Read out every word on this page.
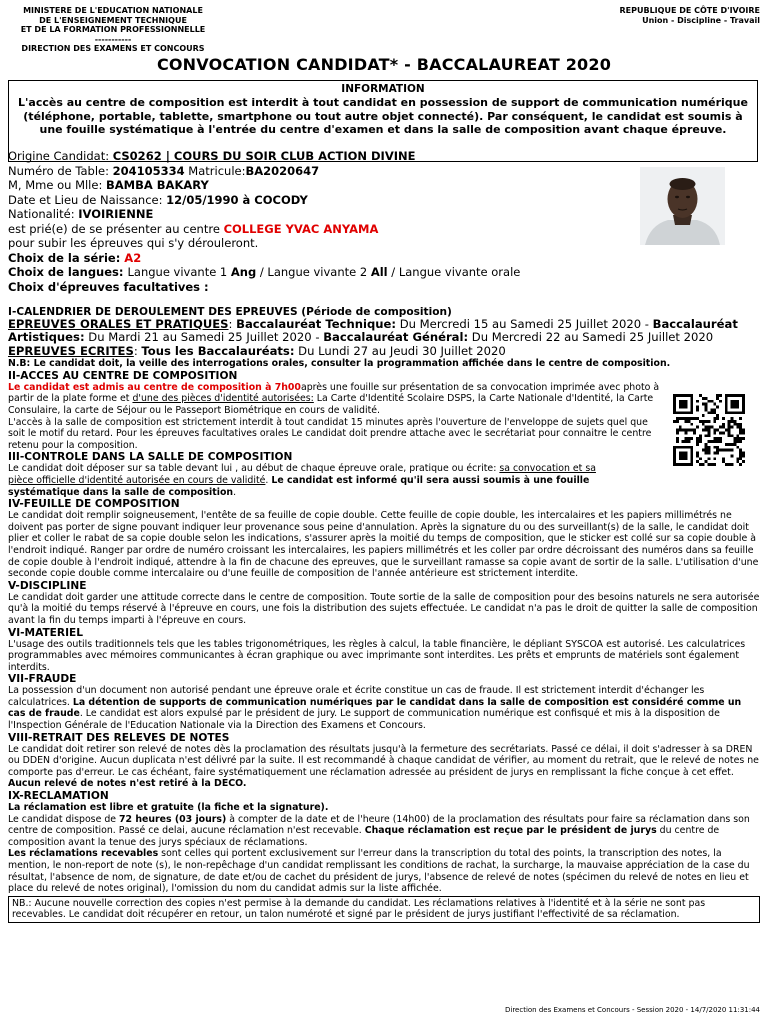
MINISTERE DE L'EDUCATION NATIONALE
DE L'ENSEIGNEMENT TECHNIQUE
ET DE LA FORMATION PROFESSIONNELLE
-----------
DIRECTION DES EXAMENS ET CONCOURS
REPUBLIQUE DE CÔTE D'IVOIRE
Union - Discipline - Travail
CONVOCATION CANDIDAT* - BACCALAUREAT 2020
INFORMATION
L'accès au centre de composition est interdit à tout candidat en possession de support de communication numérique (téléphone, portable, tablette, smartphone ou tout autre objet connecté). Par conséquent, le candidat est soumis à une fouille systématique à l'entrée du centre d'examen et dans la salle de composition avant chaque épreuve.
Origine Candidat: CS0262 | COURS DU SOIR CLUB ACTION DIVINE
Numéro de Table: 204105334 Matricule:BA2020647
M, Mme ou Mlle: BAMBA BAKARY
Date et Lieu de Naissance: 12/05/1990 à COCODY
Nationalité: IVOIRIENNE
est prié(e) de se présenter au centre COLLEGE YVAC ANYAMA
pour subir les épreuves qui s'y dérouleront.
Choix de la série: A2
Choix de langues: Langue vivante 1 Ang / Langue vivante 2 All / Langue vivante orale
Choix d'épreuves facultatives :
I-CALENDRIER DE DEROULEMENT DES EPREUVES (Période de composition)
EPREUVES ORALES ET PRATIQUES: Baccalauréat Technique: Du Mercredi 15 au Samedi 25 Juillet 2020 - Baccalauréat Artistiques: Du Mardi 21 au Samedi 25 Juillet 2020 - Baccalauréat Général: Du Mercredi 22 au Samedi 25 Juillet 2020
EPREUVES ECRITES: Tous les Baccalauréats: Du Lundi 27 au Jeudi 30 Juillet 2020
N.B: Le candidat doit, la veille des interrogations orales, consulter la programmation affichée dans le centre de composition.
II-ACCES AU CENTRE DE COMPOSITION

Le candidat est admis au centre de composition à 7h00après une fouille sur présentation de sa convocation imprimée avec photo à partir de la plate forme et d'une des pièces d'identité autorisées: La Carte d'Identité Scolaire DSPS, la Carte Nationale d'Identité, la Carte Consulaire, la carte de Séjour ou le Passeport Biométrique en cours de validité.
L'accès à la salle de composition est strictement interdit à tout candidat 15 minutes après l'ouverture de l'enveloppe de sujets quel que soit le motif du retard. Pour les épreuves facultatives orales Le candidat doit prendre attache avec le secrétariat pour connaitre le centre retenu pour la composition.

III-CONTROLE DANS LA SALLE DE COMPOSITION

Le candidat doit déposer sur sa table devant lui , au début de chaque épreuve orale, pratique ou écrite: sa convocation et sa pièce officielle d'identité autorisée en cours de validité. Le candidat est informé qu'il sera aussi soumis à une fouille systématique dans la salle de composition.

IV-FEUILLE DE COMPOSITION

Le candidat doit remplir soigneusement, l'entête de sa feuille de copie double. Cette feuille de copie double, les intercalaires et les papiers millimétrés ne doivent pas porter de signe pouvant indiquer leur provenance sous peine d'annulation. Après la signature du ou des surveillant(s) de la salle, le candidat doit plier et coller le rabat de sa copie double selon les indications, s'assurer après la moitié du temps de composition, que le sticker est collé sur sa copie double à l'endroit indiqué. Ranger par ordre de numéro croissant les intercalaires, les papiers millimétrés et les coller par ordre décroissant des numéros dans sa feuille de copie double à l'endroit indiqué, attendre à la fin de chacune des epreuves, que le surveillant ramasse sa copie avant de sortir de la salle. L'utilisation d'une seconde copie double comme intercalaire ou d'une feuille de composition de l'année antérieure est strictement interdite.

V-DISCIPLINE

Le candidat doit garder une attitude correcte dans le centre de composition. Toute sortie de la salle de composition pour des besoins naturels ne sera autorisée qu'à la moitié du temps réservé à l'épreuve en cours, une fois la distribution des sujets effectuée. Le candidat n'a pas le droit de quitter la salle de composition avant la fin du temps imparti à l'épreuve en cours.

VI-MATERIEL

L'usage des outils traditionnels tels que les tables trigonométriques, les règles à calcul, la table financière, le dépliant SYSCOA est autorisé. Les calculatrices programmables avec mémoires communicantes à écran graphique ou avec imprimante sont interdites. Les prêts et emprunts de matériels sont également interdits.

VII-FRAUDE

La possession d'un document non autorisé pendant une épreuve orale et écrite constitue un cas de fraude. Il est strictement interdit d'échanger les calculatrices. La détention de supports de communication numériques par le candidat dans la salle de composition est considéré comme un cas de fraude. Le candidat est alors expulsé par le président de jury. Le support de communication numérique est confisqué et mis à la disposition de l'Inspection Générale de l'Education Nationale via la Direction des Examens et Concours.

VIII-RETRAIT DES RELEVES DE NOTES

Le candidat doit retirer son relevé de notes dès la proclamation des résultats jusqu'à la fermeture des secrétariats. Passé ce délai, il doit s'adresser à sa DREN ou DDEN d'origine. Aucun duplicata n'est délivré par la suite. Il est recommandé à chaque candidat de vérifier, au moment du retrait, que le relevé de notes ne comporte pas d'erreur. Le cas échéant, faire systématiquement une réclamation adressée au président de jurys en remplissant la fiche conçue à cet effet.

Aucun relevé de notes n'est retiré à la DECO.

IX-RECLAMATION

La réclamation est libre et gratuite (la fiche et la signature).

Le candidat dispose de 72 heures (03 jours) à compter de la date et de l'heure (14h00) de la proclamation des résultats pour faire sa réclamation dans son centre de composition. Passé ce delai, aucune réclamation n'est recevable. Chaque réclamation est reçue par le président de jurys du centre de composition avant la tenue des jurys spéciaux de réclamations.
Les réclamations recevables sont celles qui portent exclusivement sur l'erreur dans la transcription du total des points, la transcription des notes, la mention, le non-report de note (s), le non-repêchage d'un candidat remplissant les conditions de rachat, la surcharge, la mauvaise appréciation de la case du résultat, l'absence de nom, de signature, de date et/ou de cachet du président de jurys, l'absence de relevé de notes (spécimen du relevé de notes en lieu et place du relevé de notes original), l'omission du nom du candidat admis sur la liste affichée.

NB.: Aucune nouvelle correction des copies n'est permise à la demande du candidat. Les réclamations relatives à l'identité et à la série ne sont pas recevables. Le candidat doit récupérer en retour, un talon numéroté et signé par le président de jurys justifiant l'effectivité de sa réclamation.
Direction des Examens et Concours - Session 2020 - 14/7/2020 11:31:44
